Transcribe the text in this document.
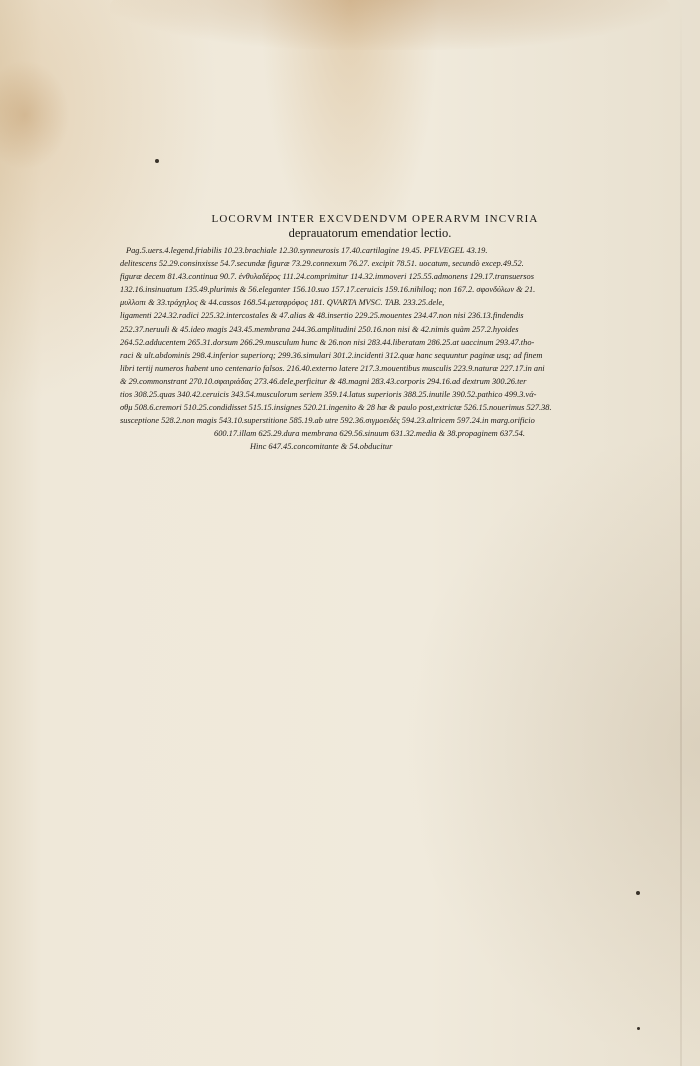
LOCORVM INTER EXCVDENDVM OPERARVM INCVRIA
deprauatorum emendatior lectio.
Pag.5.uers.4.legend.friabilis 10.23.brachiale 12.30.synneurosis 17.40.cartilagine 19.45. PFLVEGEL 43.19.
delitescens 52.29.consinxisse 54.7.secundæ figuræ 73.29.connexum 76.27. excipit 78.51. uocatum, secundò excep.49.52.
figuræ decem 81.43.continua 90.7. ἐνθυλαδέρος 111.24.comprimitur 114.32.immoveri 125.55.admonens 129.17.transuersos
132.16.insinuatum 135.49.plurimis & 56.eleganter 156.10.suo 157.17.ceruicis 159.16.nihiloq; non 167.2. σφονδύλων & 21.
μυλλοπι & 33.τράχηλος & 44.cassos 168.54.μεταφρόφος 181. QVARTA MVSC. TAB. 233.25.dele,
ligamenti 224.32.radici 225.32.intercostales & 47.alias & 48.insertio 229.25.mouentes 234.47.non nisi 236.13.findendis
252.37.neruuli & 45.ideo magis 243.45.membrana 244.36.amplitudini 250.16.non nisi & 42.nimis quàm 257.2.hyoides
264.52.adducentem 265.31.dorsum 266.29.musculum hunc & 26.non nisi 283.44.liberatam 286.25.at uaccinum 293.47.tho-
raci & ult.abdominis 298.4.inferior superiorq; 299.36.simulari 301.2.incidenti 312.quæ hanc sequuntur paginæ usq; ad finem
libri tertij numeros habent uno centenario falsos. 216.40.externo latere 217.3.mouentibus musculis 223.9.naturæ 227.17.in ani
& 29.commonstrant 270.10.σφαιριάδας 273.46.dele,perficitur & 48.magni 283.43.corporis 294.16.ad dextrum 300.26.ter
tios 308.25.quas 340.42.ceruicis 343.54.musculorum seriem 359.14.latus superioris 388.25.inutile 390.52.pathico 499.3.νά-
σθμ 508.6.cremori 510.25.condidisset 515.15.insignes 520.21.ingenito & 28 hæ & paulo post,extrictæ 526.15.nouerimus 527.38.
susceptione 528.2.non magis 543.10.superstitione 585.19.ab utre 592.36.σιγμοειδὲς 594.23.altricem 597.24.in marg.orificio
600.17.illam 625.29.dura membrana 629.56.sinuum 631.32.media & 38.propaginem 637.54.
Hinc 647.45.concomitante & 54.obducitur
